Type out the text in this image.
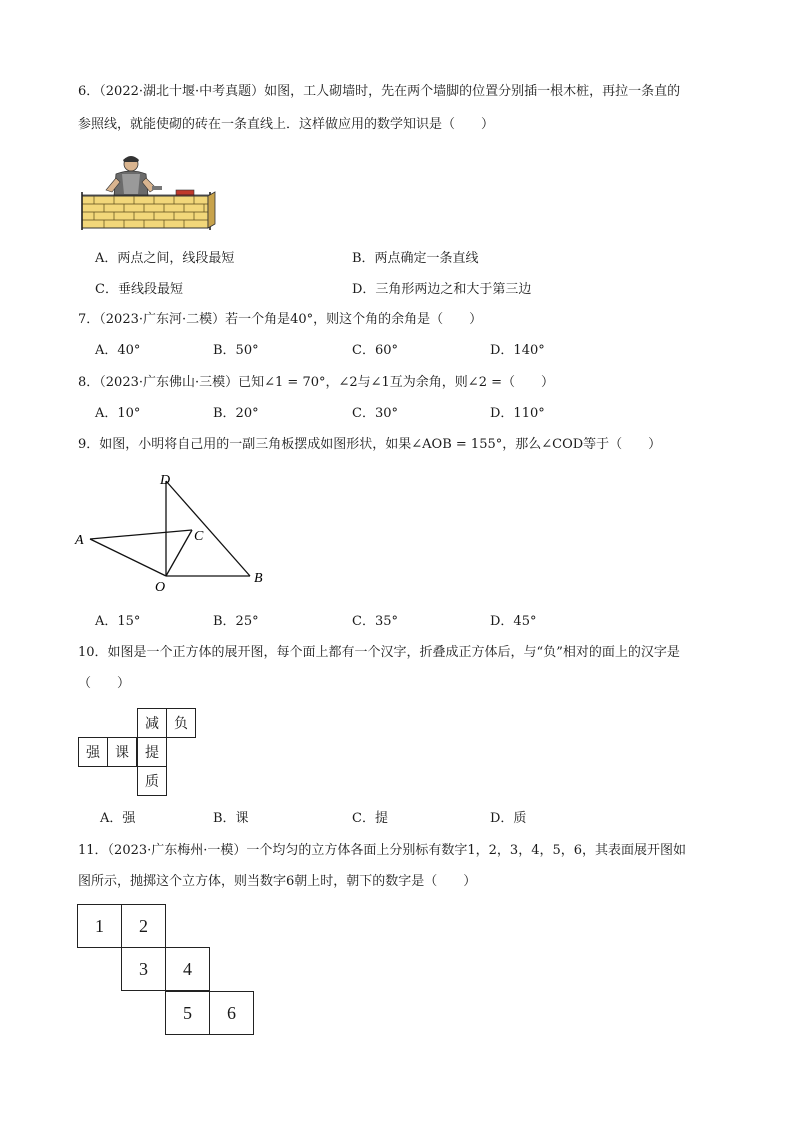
6．（2022·湖北十堰·中考真题）如图，工人砌墙时，先在两个墙脚的位置分别插一根木桩，再拉一条直的
参照线，就能使砌的砖在一条直线上．这样做应用的数学知识是（　　）
A．两点之间，线段最短	B．两点确定一条直线
C．垂线段最短	D．三角形两边之和大于第三边
7．（2023·广东河·二模）若一个角是40°，则这个角的余角是（　　）
A．40°	B．50°	C．60°	D．140°
8．（2023·广东佛山·三模）已知∠1 = 70°，∠2与∠1互为余角，则∠2 =（　　）
A．10°	B．20°	C．30°	D．110°
9．如图，小明将自己用的一副三角板摆成如图形状，如果∠AOB = 155°，那么∠COD等于（　　）
D
A	C
O
B
A．15°	B．25°	C．35°	D．45°
10．如图是一个正方体的展开图，每个面上都有一个汉字，折叠成正方体后，与“负”相对的面上的汉字是
（　　）
减	负
强	课	提
质
A．强	B．课	C．提	D．质
11．（2023·广东梅州·一模）一个均匀的立方体各面上分别标有数字1，2，3，4，5，6，其表面展开图如
图所示，抛掷这个立方体，则当数字6朝上时，朝下的数字是（　　）
1	2
3	4
5	6
